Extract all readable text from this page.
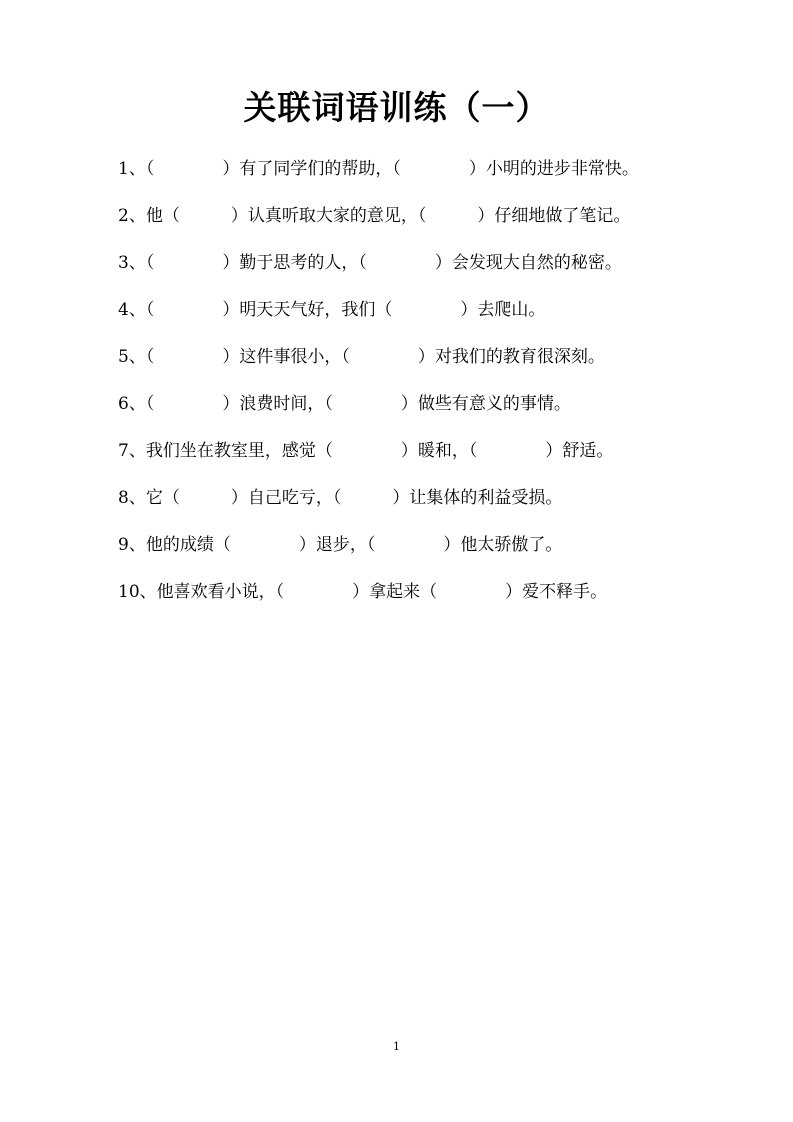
关联词语训练（一）
1、（　　　　）有了同学们的帮助，（　　　　）小明的进步非常快。
2、他（　　　）认真听取大家的意见，（　　　）仔细地做了笔记。
3、（　　　　）勤于思考的人，（　　　　）会发现大自然的秘密。
4、（　　　　）明天天气好，我们（　　　　）去爬山。
5、（　　　　）这件事很小，（　　　　）对我们的教育很深刻。
6、（　　　　）浪费时间，（　　　　）做些有意义的事情。
7、我们坐在教室里，感觉（　　　　）暖和，（　　　　）舒适。
8、它（　　　）自己吃亏，（　　　）让集体的利益受损。
9、他的成绩（　　　　）退步，（　　　　）他太骄傲了。
10、他喜欢看小说，（　　　　）拿起来（　　　　）爱不释手。
1
